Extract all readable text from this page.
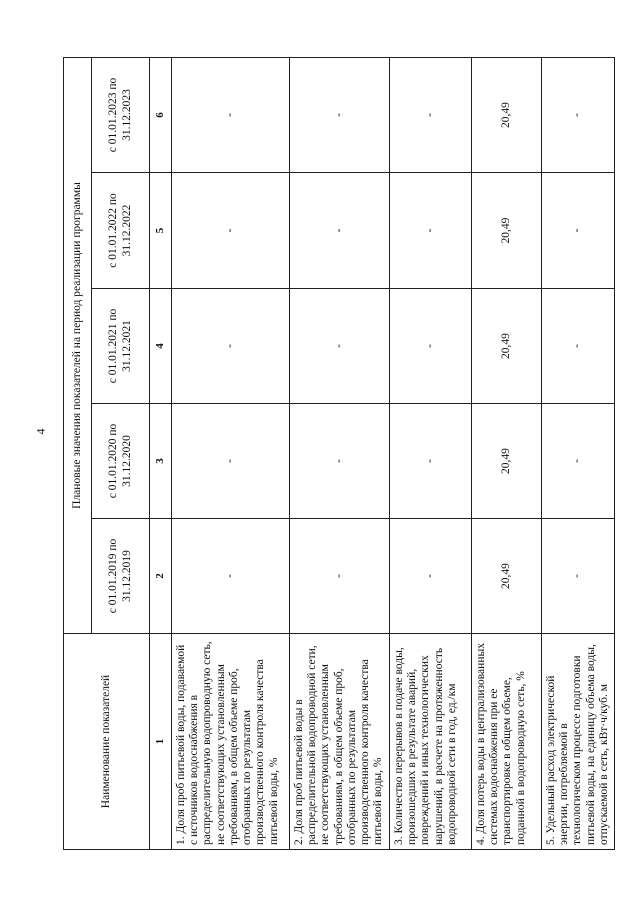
4
Наименование показателей	Плановые значения показателей на период реализации программы				
	с 01.01.2019 по 31.12.2019	с 01.01.2020 по 31.12.2020	с 01.01.2021 по 31.12.2021	с 01.01.2022 по 31.12.2022	с 01.01.2023 по 31.12.2023
1	2	3	4	5	6
1. Доля проб питьевой воды, подаваемой с источников водоснабжения в распределительную водопроводную сеть, не соответствующих установленным требованиям, в общем объеме проб, отобранных по результатам производственного контроля качества питьевой воды, %	-	-	-	-	-
2. Доля проб питьевой воды в распределительной водопроводной сети, не соответствующих установленным требованиям, в общем объеме проб, отобранных по результатам производственного контроля качества питьевой воды, %	-	-	-	-	-
3. Количество перерывов в подаче воды, произошедших в результате аварий, повреждений и иных технологических нарушений, в расчете на протяженность водопроводной сети в год, ед./км	-	-	-	-	-
4. Доля потерь воды в централизованных системах водоснабжения при ее транспортировке в общем объеме, поданной в водопроводную сеть, %	20,49	20,49	20,49	20,49	20,49
5. Удельный расход электрической энергии, потребляемой в технологическом процессе подготовки питьевой воды, на единицу объема воды, отпускаемой в сеть, кВт·ч/куб. м	-	-	-	-	-
